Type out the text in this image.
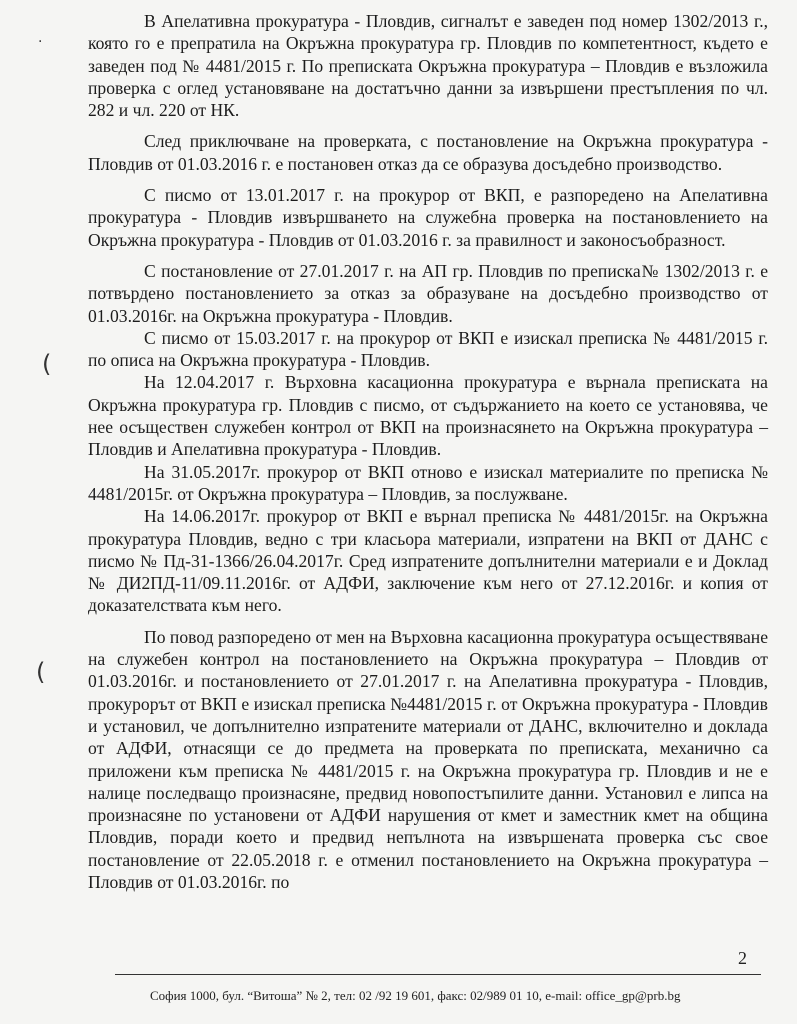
·
(
(

В Апелативна прокуратура - Пловдив, сигналът е заведен под номер 1302/2013 г., която го е препратила на Окръжна прокуратура гр. Пловдив по компетентност, където е заведен под № 4481/2015 г. По преписката Окръжна прокуратура – Пловдив е възложила проверка с оглед установяване на достатъчно данни за извършени престъпления по чл. 282 и чл. 220 от НК.

След приключване на проверката, с постановление на Окръжна прокуратура - Пловдив от 01.03.2016 г. е постановен отказ да се образува досъдебно производство.

С писмо от 13.01.2017 г. на прокурор от ВКП, е разпоредено на Апелативна прокуратура - Пловдив извършването на служебна проверка на постановлението на Окръжна прокуратура - Пловдив от 01.03.2016 г. за правилност и законосъобразност.

С постановление от 27.01.2017 г. на АП гр. Пловдив по преписка№ 1302/2013 г. е потвърдено постановлението за отказ за образуване на досъдебно производство от 01.03.2016г. на Окръжна прокуратура - Пловдив.

С писмо от 15.03.2017 г. на прокурор от ВКП е изискал преписка № 4481/2015 г. по описа на Окръжна прокуратура - Пловдив.

На 12.04.2017 г. Върховна касационна прокуратура е върнала преписката на Окръжна прокуратура гр. Пловдив с писмо, от съдържанието на което се установява, че нее осъществен служебен контрол от ВКП на произнасянето на Окръжна прокуратура – Пловдив и Апелативна прокуратура - Пловдив.

На 31.05.2017г. прокурор от ВКП отново е изискал материалите по преписка № 4481/2015г. от Окръжна прокуратура – Пловдив, за послужване.

На 14.06.2017г. прокурор от ВКП е върнал преписка № 4481/2015г. на Окръжна прокуратура Пловдив, ведно с три класьора материали, изпратени на ВКП от ДАНС с писмо № Пд-31-1366/26.04.2017г. Сред изпратените допълнителни материали е и Доклад № ДИ2ПД-11/09.11.2016г. от АДФИ, заключение към него от 27.12.2016г. и копия от доказателствата към него.

По повод разпоредено от мен на Върховна касационна прокуратура осъществяване на служебен контрол на постановлението на Окръжна прокуратура – Пловдив от 01.03.2016г. и постановлението от 27.01.2017 г. на Апелативна прокуратура - Пловдив, прокурорът от ВКП е изискал преписка №4481/2015 г. от Окръжна прокуратура - Пловдив и установил, че допълнително изпратените материали от ДАНС, включително и доклада от АДФИ, отнасящи се до предмета на проверката по преписката, механично са приложени към преписка № 4481/2015 г. на Окръжна прокуратура гр. Пловдив и не е налице последващо произнасяне, предвид новопостъпилите данни. Установил е липса на произнасяне по установени от АДФИ нарушения от кмет и заместник кмет на община Пловдив, поради което и предвид непълнота на извършената проверка със свое постановление от 22.05.2018 г. е отменил постановлението на Окръжна прокуратура – Пловдив от 01.03.2016г. по

2
София 1000, бул. “Витоша” № 2, тел: 02 /92 19 601, факс: 02/989 01 10, e-mail: office_gp@prb.bg
